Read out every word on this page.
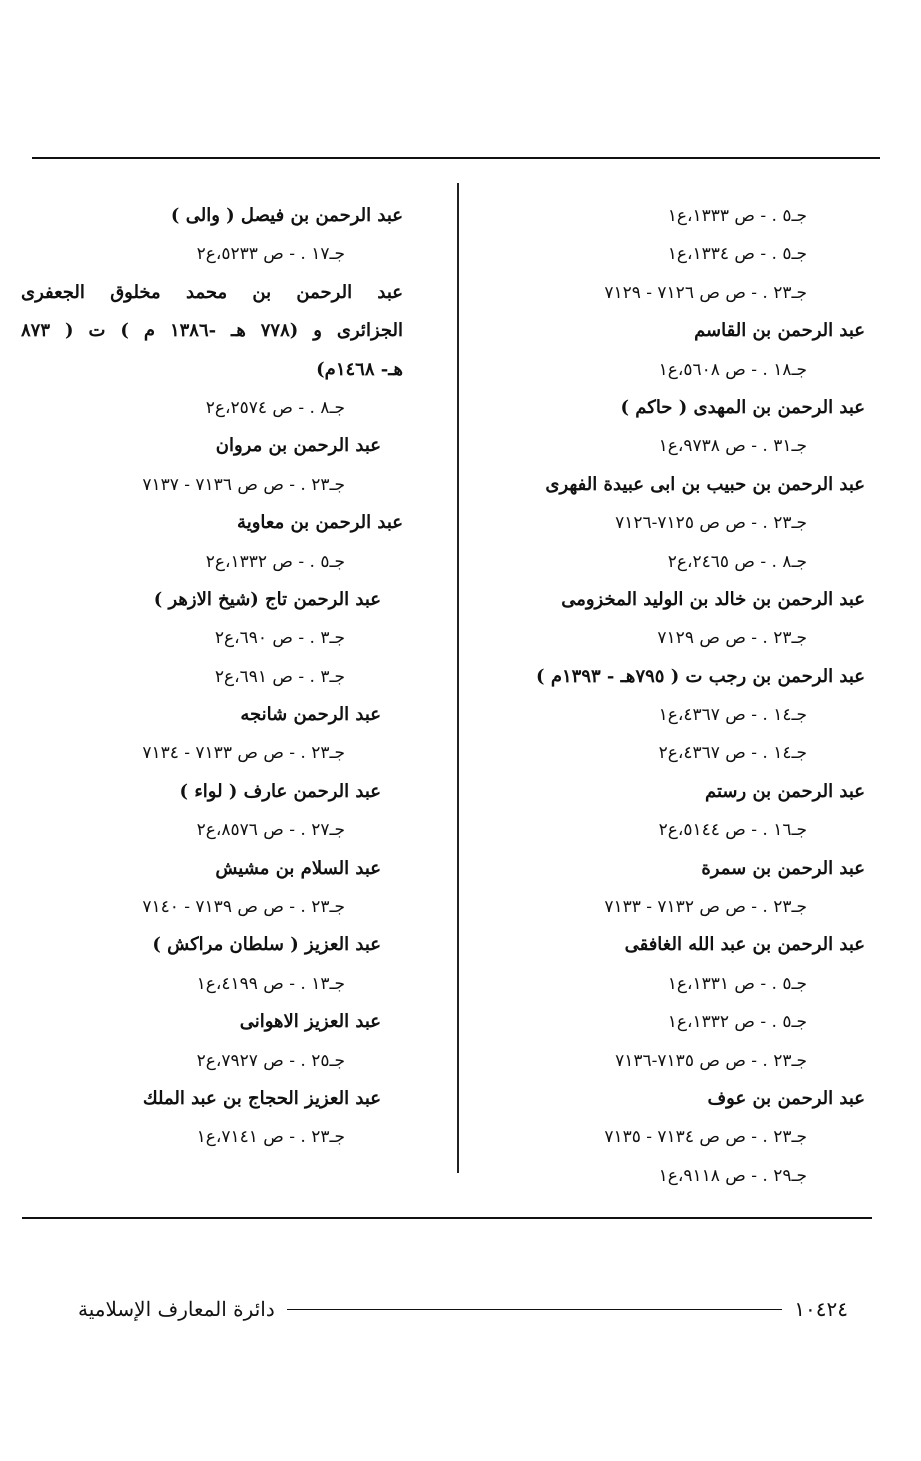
جـ٥ . - ص ١٣٣٣،ع١
جـ٥ . - ص ١٣٣٤،ع١
جـ٢٣ . - ص ص ٧١٢٦ - ٧١٢٩
عبد الرحمن بن القاسم
جـ١٨ . - ص ٥٦٠٨،ع١
عبد الرحمن بن المهدى ( حاكم )
جـ٣١ . - ص ٩٧٣٨،ع١
عبد الرحمن بن حبيب بن ابى عبيدة الفهرى
جـ٢٣ . - ص ص ٧١٢٥-٧١٢٦
جـ٨ . - ص ٢٤٦٥،ع٢
عبد الرحمن بن خالد بن الوليد المخزومى
جـ٢٣ . - ص ص ٧١٢٩
عبد الرحمن بن رجب ت ( ٧٩٥هـ - ١٣٩٣م )
جـ١٤ . - ص ٤٣٦٧،ع١
جـ١٤ . - ص ٤٣٦٧،ع٢
عبد الرحمن بن رستم
جـ١٦ . - ص ٥١٤٤،ع٢
عبد الرحمن بن سمرة
جـ٢٣ . - ص ص ٧١٣٢ - ٧١٣٣
عبد الرحمن بن عبد الله الغافقى
جـ٥ . - ص ١٣٣١،ع١
جـ٥ . - ص ١٣٣٢،ع١
جـ٢٣ . - ص ص ٧١٣٥-٧١٣٦
عبد الرحمن بن عوف
جـ٢٣ . - ص ص ٧١٣٤ - ٧١٣٥
جـ٢٩ . - ص ٩١١٨،ع١
عبد الرحمن بن فيصل ( والى )
جـ١٧ . - ص ٥٢٣٣،ع٢
عبد الرحمن بن محمد مخلوق الجعفرى
الجزائرى و (٧٧٨ هـ -١٣٨٦ م ) ت ( ٨٧٣
هـ- ١٤٦٨م)
جـ٨ . - ص ٢٥٧٤،ع٢
عبد الرحمن بن مروان
جـ٢٣ . - ص ص ٧١٣٦ - ٧١٣٧
عبد الرحمن بن معاوية
جـ٥ . - ص ١٣٣٢،ع٢
عبد الرحمن تاج (شيخ الازهر )
جـ٣ . - ص ٦٩٠،ع٢
جـ٣ . - ص ٦٩١،ع٢
عبد الرحمن شانجه
جـ٢٣ . - ص ص ٧١٣٣ - ٧١٣٤
عبد الرحمن عارف ( لواء )
جـ٢٧ . - ص ٨٥٧٦،ع٢
عبد السلام بن مشيش
جـ٢٣ . - ص ص ٧١٣٩ - ٧١٤٠
عبد العزيز ( سلطان مراكش )
جـ١٣ . - ص ٤١٩٩،ع١
عبد العزيز الاهوانى
جـ٢٥ . - ص ٧٩٢٧،ع٢
عبد العزيز الحجاج بن عبد الملك
جـ٢٣ . - ص ٧١٤١،ع١
١٠٤٢٤
دائرة المعارف الإسلامية
